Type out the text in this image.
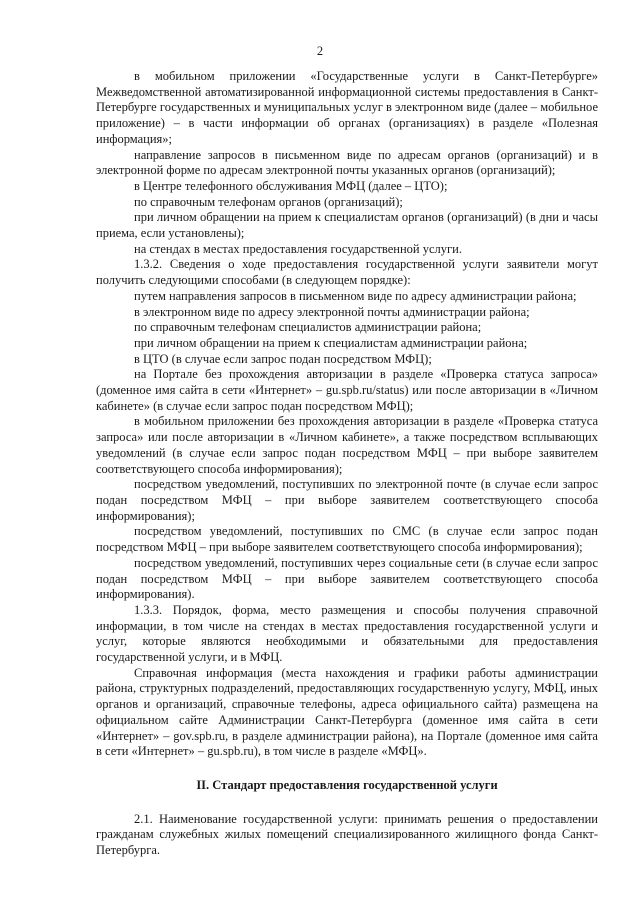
2

в мобильном приложении «Государственные услуги в Санкт-Петербурге» Межведомственной автоматизированной информационной системы предоставления в Санкт-Петербурге государственных и муниципальных услуг в электронном виде (далее – мобильное приложение) – в части информации об органах (организациях) в разделе «Полезная информация»;

направление запросов в письменном виде по адресам органов (организаций) и в электронной форме по адресам электронной почты указанных органов (организаций);

в Центре телефонного обслуживания МФЦ (далее – ЦТО);

по справочным телефонам органов (организаций);

при личном обращении на прием к специалистам органов (организаций) (в дни и часы приема, если установлены);

на стендах в местах предоставления государственной услуги.

1.3.2. Сведения о ходе предоставления государственной услуги заявители могут получить следующими способами (в следующем порядке):

путем направления запросов в письменном виде по адресу администрации района;

в электронном виде по адресу электронной почты администрации района;

по справочным телефонам специалистов администрации района;

при личном обращении на прием к специалистам администрации района;

в ЦТО (в случае если запрос подан посредством МФЦ);

на Портале без прохождения авторизации в разделе «Проверка статуса запроса» (доменное имя сайта в сети «Интернет» – gu.spb.ru/status) или после авторизации в «Личном кабинете» (в случае если запрос подан посредством МФЦ);

в мобильном приложении без прохождения авторизации в разделе «Проверка статуса запроса» или после авторизации в «Личном кабинете», а также посредством всплывающих уведомлений (в случае если запрос подан посредством МФЦ – при выборе заявителем соответствующего способа информирования);

посредством уведомлений, поступивших по электронной почте (в случае если запрос подан посредством МФЦ – при выборе заявителем соответствующего способа информирования);

посредством уведомлений, поступивших по СМС (в случае если запрос подан посредством МФЦ – при выборе заявителем соответствующего способа информирования);

посредством уведомлений, поступивших через социальные сети (в случае если запрос подан посредством МФЦ – при выборе заявителем соответствующего способа информирования).

1.3.3. Порядок, форма, место размещения и способы получения справочной информации, в том числе на стендах в местах предоставления государственной услуги и услуг, которые являются необходимыми и обязательными для предоставления государственной услуги, и в МФЦ.

Справочная информация (места нахождения и графики работы администрации района, структурных подразделений, предоставляющих государственную услугу, МФЦ, иных органов и организаций, справочные телефоны, адреса официального сайта) размещена на официальном сайте Администрации Санкт-Петербурга (доменное имя сайта в сети «Интернет» – gov.spb.ru, в разделе администрации района), на Портале (доменное имя сайта в сети «Интернет» – gu.spb.ru), в том числе в разделе «МФЦ».

II. Стандарт предоставления государственной услуги

2.1. Наименование государственной услуги: принимать решения о предоставлении гражданам служебных жилых помещений специализированного жилищного фонда Санкт-Петербурга.
